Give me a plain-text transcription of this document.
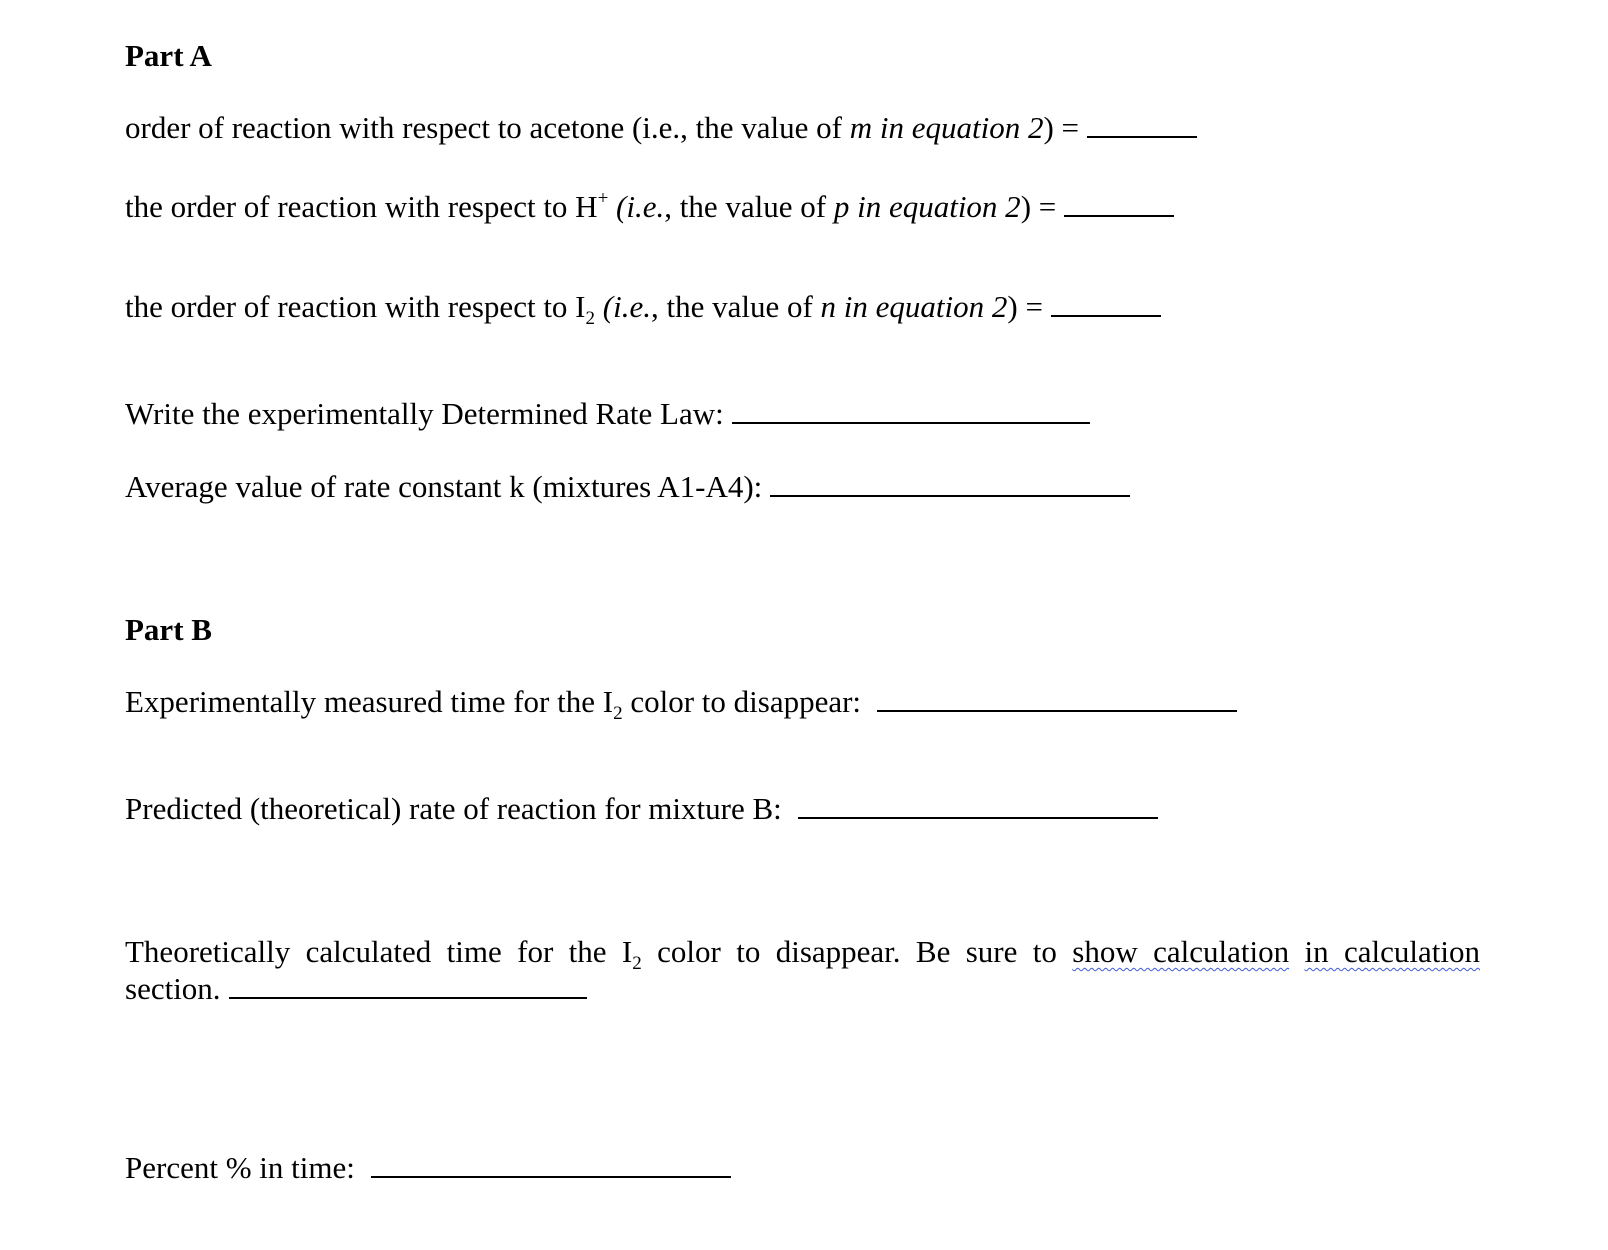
Part A
order of reaction with respect to acetone (i.e., the value of m in equation 2) =
the order of reaction with respect to H+ (i.e., the value of p in equation 2) =
the order of reaction with respect to $I_2$ (i.e., the value of n in equation 2) =
Write the experimentally Determined Rate Law:
Average value of rate constant k (mixtures A1-A4):
Part B
Experimentally measured time for the $I_2$ color to disappear:
Predicted (theoretical) rate of reaction for mixture B:
Theoretically calculated time for the $I_2$ color to disappear. Be sure to show calculation in calculation
section.
Percent % in time:
